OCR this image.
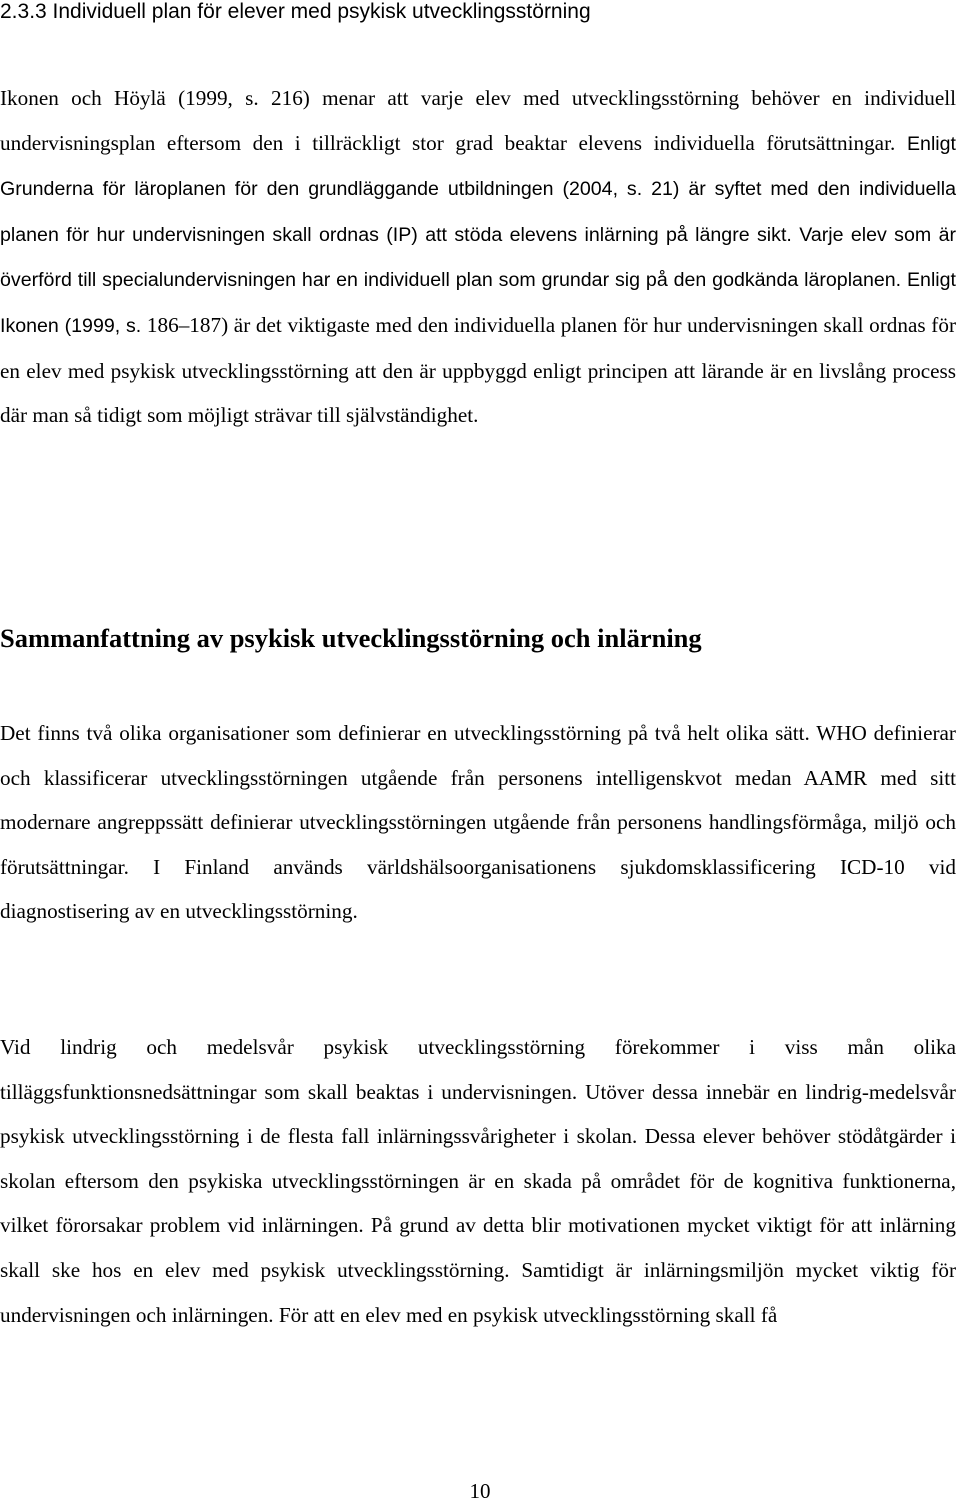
2.3.3 Individuell plan för elever med psykisk utvecklingsstörning

Ikonen och Höylä (1999, s. 216) menar att varje elev med utvecklingsstörning behöver en individuell undervisningsplan eftersom den i tillräckligt stor grad beaktar elevens individuella förutsättningar. Enligt Grunderna för läroplanen för den grundläggande utbildningen (2004, s. 21) är syftet med den individuella planen för hur undervisningen skall ordnas (IP) att stöda elevens inlärning på längre sikt. Varje elev som är överförd till specialundervisningen har en individuell plan som grundar sig på den godkända läroplanen. Enligt Ikonen (1999, s. 186–187) är det viktigaste med den individuella planen för hur undervisningen skall ordnas för en elev med psykisk utvecklingsstörning att den är uppbyggd enligt principen att lärande är en livslång process där man så tidigt som möjligt strävar till självständighet.

Sammanfattning av psykisk utvecklingsstörning och inlärning

Det finns två olika organisationer som definierar en utvecklingsstörning på två helt olika sätt. WHO definierar och klassificerar utvecklingsstörningen utgående från personens intelligenskvot medan AAMR med sitt modernare angreppssätt definierar utvecklingsstörningen utgående från personens handlingsförmåga, miljö och förutsättningar. I Finland används världshälsoorganisationens sjukdomsklassificering ICD-10 vid diagnostisering av en utvecklingsstörning.

Vid lindrig och medelsvår psykisk utvecklingsstörning förekommer i viss mån olika tilläggsfunktionsnedsättningar som skall beaktas i undervisningen. Utöver dessa innebär en lindrig-medelsvår psykisk utvecklingsstörning i de flesta fall inlärningssvårigheter i skolan. Dessa elever behöver stödåtgärder i skolan eftersom den psykiska utvecklingsstörningen är en skada på området för de kognitiva funktionerna, vilket förorsakar problem vid inlärningen. På grund av detta blir motivationen mycket viktigt för att inlärning skall ske hos en elev med psykisk utvecklingsstörning. Samtidigt är inlärningsmiljön mycket viktig för undervisningen och inlärningen. För att en elev med en psykisk utvecklingsstörning skall få

10
